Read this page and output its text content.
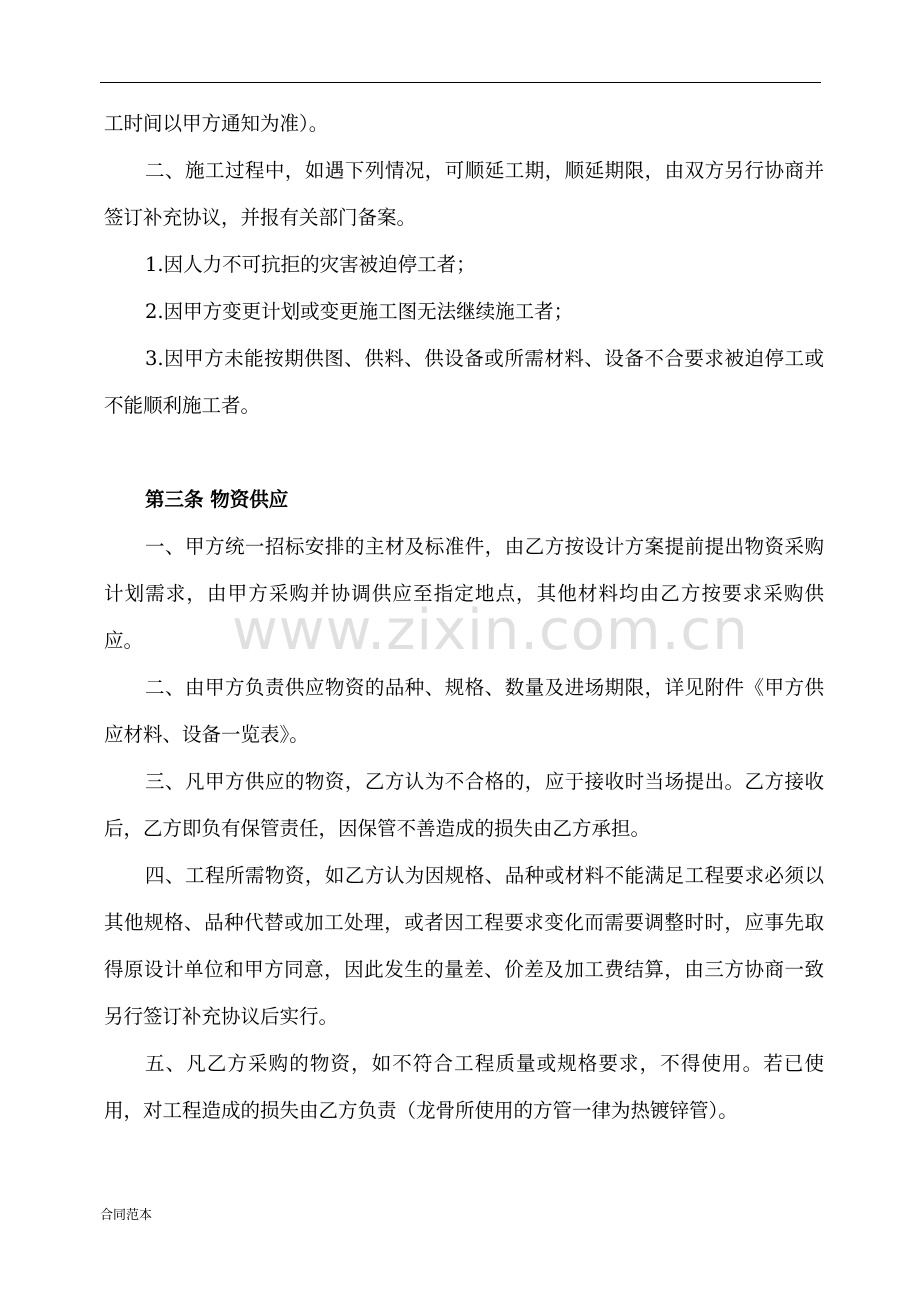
工时间以甲方通知为准）。

二、施工过程中，如遇下列情况，可顺延工期，顺延期限，由双方另行协商并签订补充协议，并报有关部门备案。

1.因人力不可抗拒的灾害被迫停工者；

2.因甲方变更计划或变更施工图无法继续施工者；

3.因甲方未能按期供图、供料、供设备或所需材料、设备不合要求被迫停工或不能顺利施工者。

第三条 物资供应

一、甲方统一招标安排的主材及标准件，由乙方按设计方案提前提出物资采购计划需求，由甲方采购并协调供应至指定地点，其他材料均由乙方按要求采购供应。

二、由甲方负责供应物资的品种、规格、数量及进场期限，详见附件《甲方供应材料、设备一览表》。

三、凡甲方供应的物资，乙方认为不合格的，应于接收时当场提出。乙方接收后，乙方即负有保管责任，因保管不善造成的损失由乙方承担。

四、工程所需物资，如乙方认为因规格、品种或材料不能满足工程要求必须以其他规格、品种代替或加工处理，或者因工程要求变化而需要调整时时，应事先取得原设计单位和甲方同意，因此发生的量差、价差及加工费结算，由三方协商一致另行签订补充协议后实行。

五、凡乙方采购的物资，如不符合工程质量或规格要求，不得使用。若已使用，对工程造成的损失由乙方负责（龙骨所使用的方管一律为热镀锌管）。

www.zixin.com.cn
合同范本
